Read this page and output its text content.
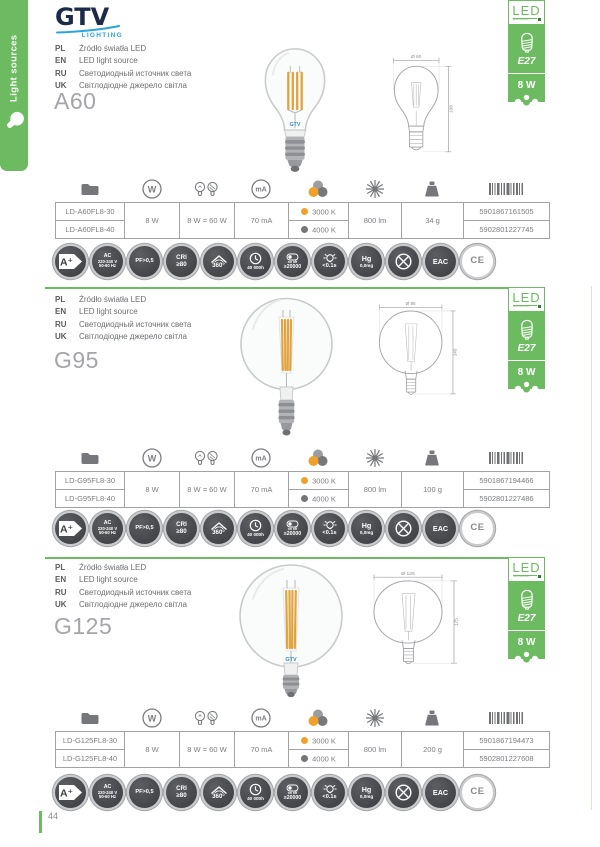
Light sources
GTV
LIGHTING
PL	Źródło światła LED
EN	LED light source
RU	Светодиодный источник света
UK	Світлодіодне джерело світла
A60
GTV
Ø 60
108
LED
TECHNOLOGY
E27
8 W
W	mA
LD-A60FL8-30	8 W	8 W = 60 W	70 mA	3000 K	800 lm	34 g	5901867161505
LD-A60FL8-40				4000 K			5902801227745
A⁺
AC
220-240 V
50-60 Hz
PF>0,5
CRI
≥80	360°	40 000h
on off
≥20000	<0.1s
Hg
0,0mg	EAC CE
PL	Źródło światła LED
EN	LED light source
RU	Светодиодный источник света
UK	Світлодіодне джерело світла
G95
Ø 95
140
LED
TECHNOLOGY
E27
8 W
W	mA
LD-G95FL8-30	8 W	8 W = 60 W	70 mA	3000 K	800 lm	100 g	5901867194466
LD-G95FL8-40				4000 K			5902801227486
A⁺
AC
220-240 V
50-60 Hz
PF>0,5
CRI
≥80	360°	40 000h
on off
≥20000	<0.1s
Hg
0,0mg	EAC CE
PL	Źródło światła LED
EN	LED light source
RU	Светодиодный источник света
UK	Світлодіодне джерело світла
G125
GTV
Ø 125
175
LED
TECHNOLOGY
E27
8 W
W	mA
LD-G125FL8-30	8 W	8 W = 60 W	70 mA	3000 K	800 lm	200 g	5901867194473
LD-G125FL8-40				4000 K			5902801227608
A⁺
AC
220-240 V
50-60 Hz
PF>0,5
CRI
≥80	360°	40 000h
on off
≥20000	<0.1s
Hg
0,0mg	EAC CE
44
